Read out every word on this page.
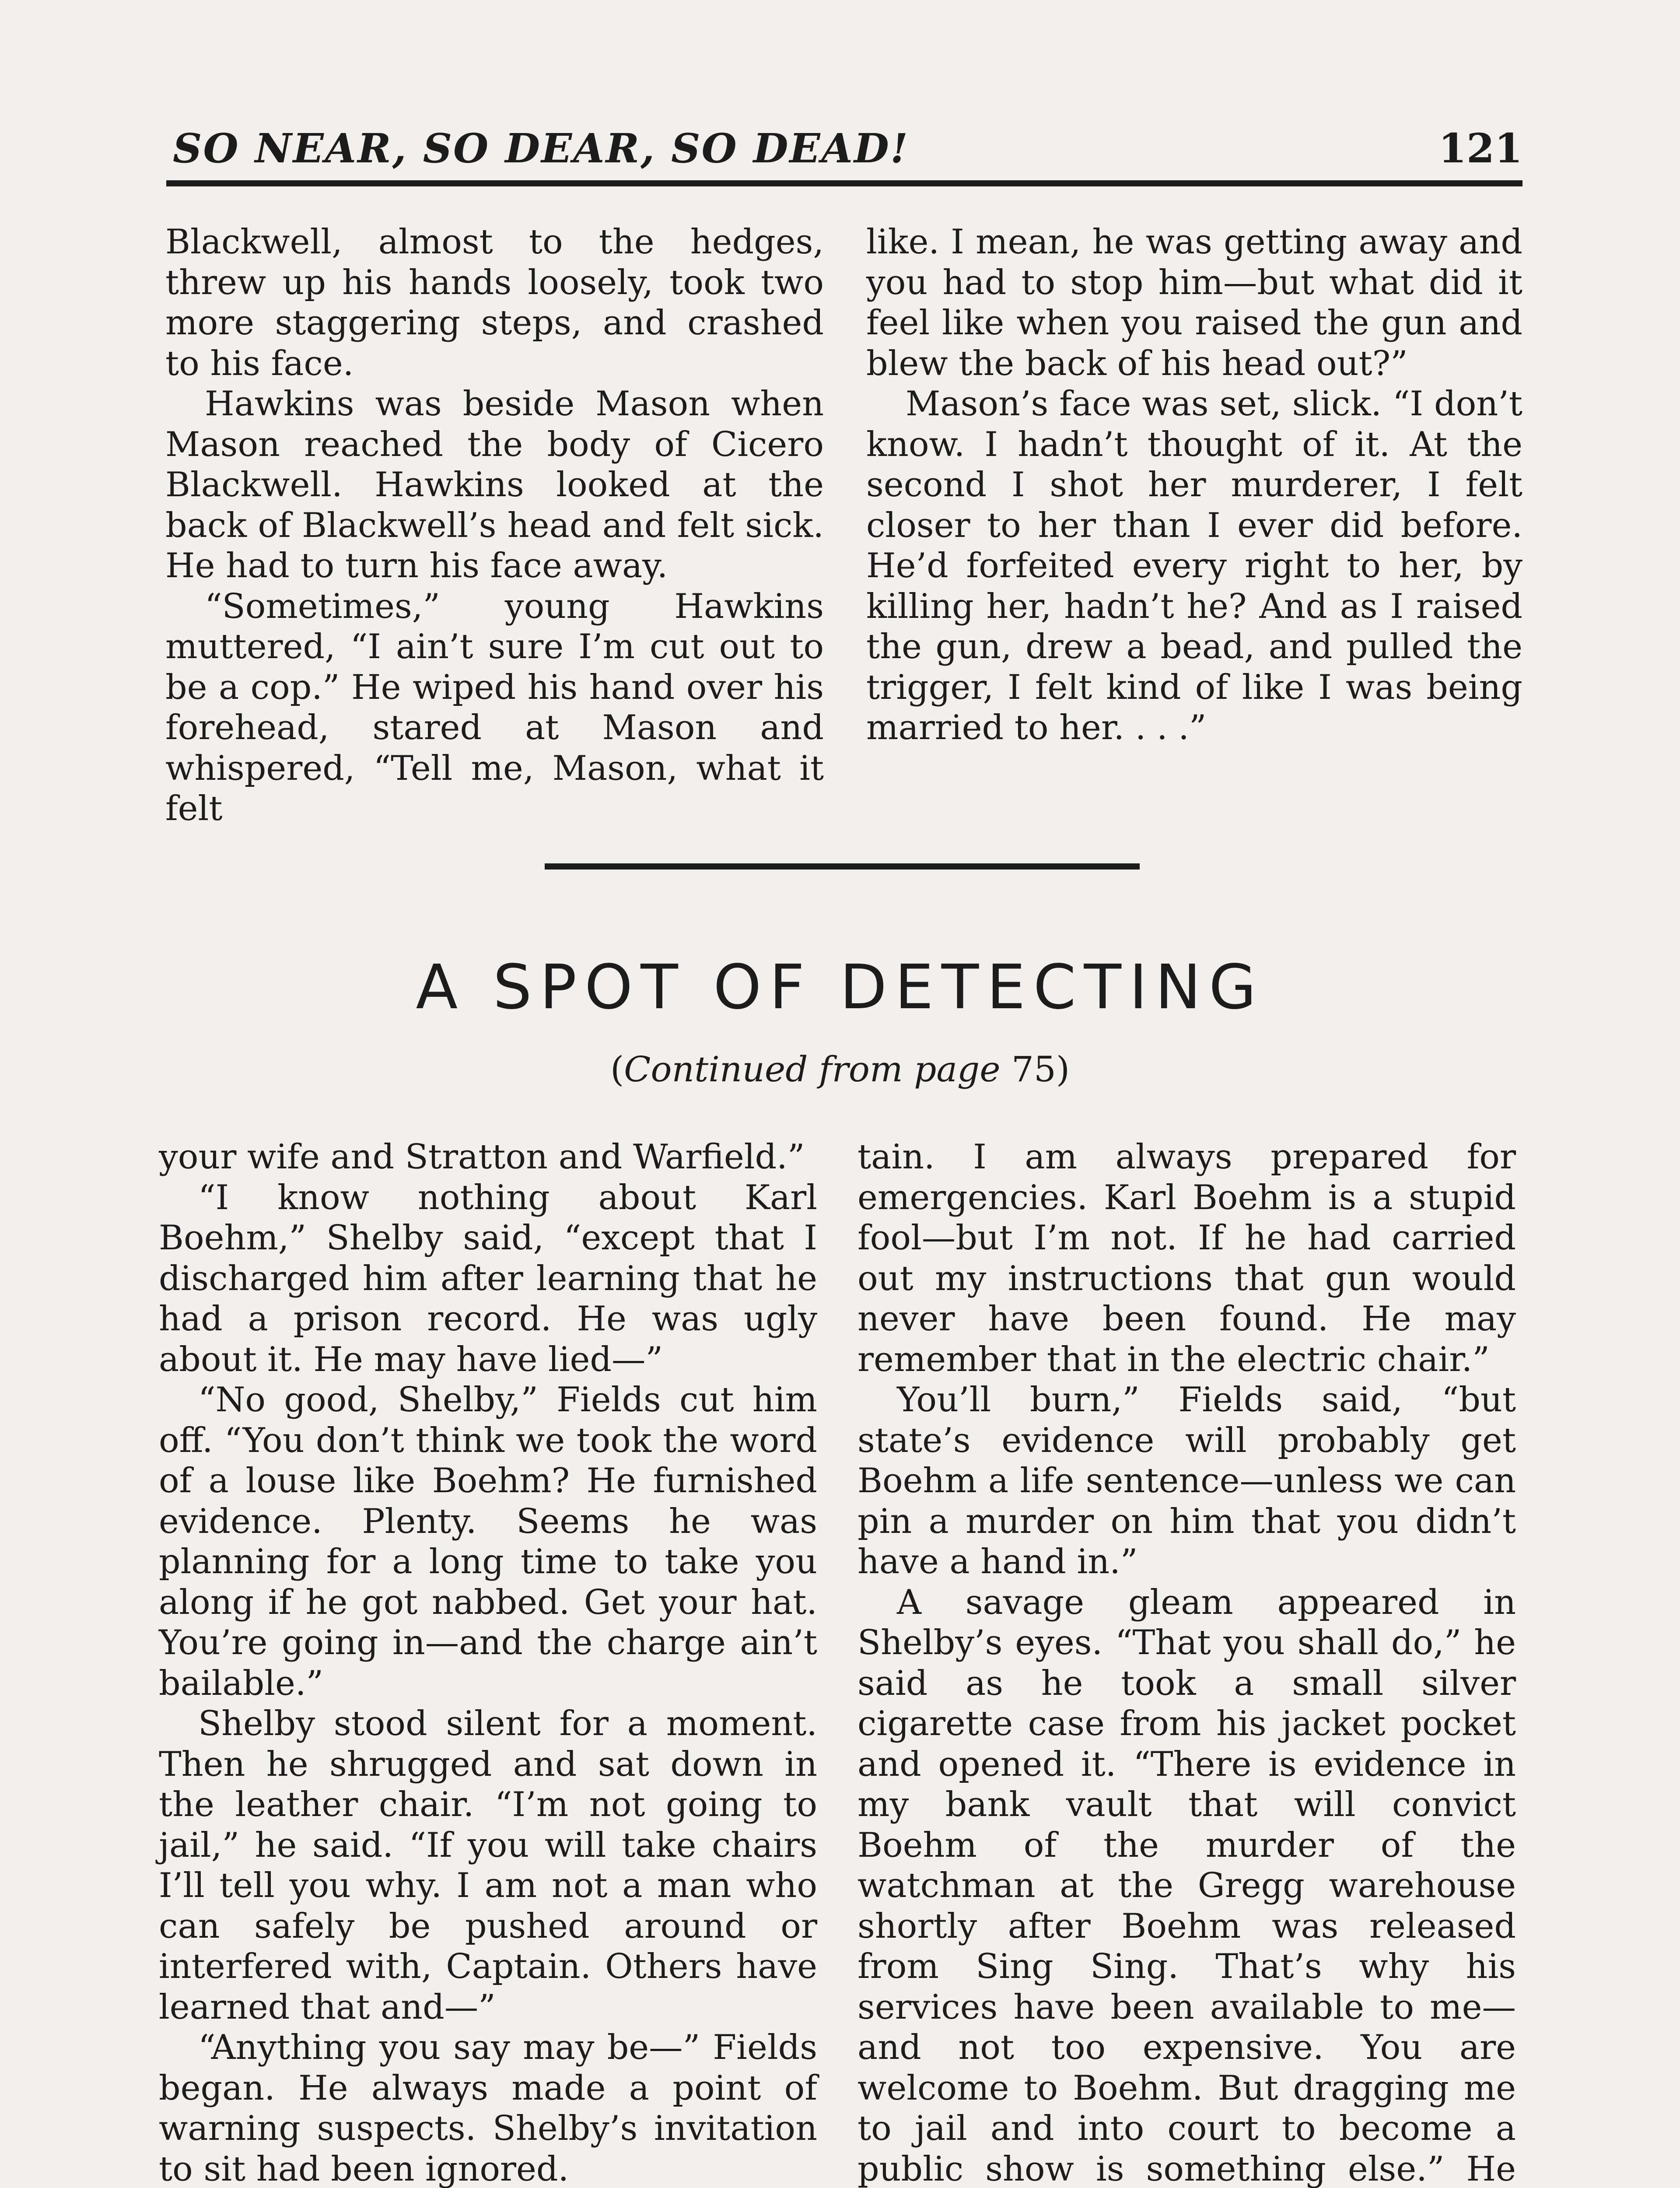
SO NEAR, SO DEAR, SO DEAD!	121

Blackwell, almost to the hedges, threw up his hands loosely, took two more staggering steps, and crashed to his face.

Hawkins was beside Mason when Mason reached the body of Cicero Blackwell. Hawkins looked at the back of Blackwell’s head and felt sick. He had to turn his face away.

“Sometimes,” young Hawkins muttered, “I ain’t sure I’m cut out to be a cop.” He wiped his hand over his forehead, stared at Mason and whispered, “Tell me, Mason, what it felt

like. I mean, he was getting away and you had to stop him—but what did it feel like when you raised the gun and blew the back of his head out?”

Mason’s face was set, slick. “I don’t know. I hadn’t thought of it. At the second I shot her murderer, I felt closer to her than I ever did before. He’d forfeited every right to her, by killing her, hadn’t he? And as I raised the gun, drew a bead, and pulled the trigger, I felt kind of like I was being married to her. . . .”

A SPOT OF DETECTING
(Continued from page 75)

your wife and Stratton and Warfield.”

“I know nothing about Karl Boehm,” Shelby said, “except that I discharged him after learning that he had a prison record. He was ugly about it. He may have lied—”

“No good, Shelby,” Fields cut him off. “You don’t think we took the word of a louse like Boehm? He furnished evidence. Plenty. Seems he was planning for a long time to take you along if he got nabbed. Get your hat. You’re going in—and the charge ain’t bailable.”

Shelby stood silent for a moment. Then he shrugged and sat down in the leather chair. “I’m not going to jail,” he said. “If you will take chairs I’ll tell you why. I am not a man who can safely be pushed around or interfered with, Captain. Others have learned that and—”

“Anything you say may be—” Fields began. He always made a point of warning suspects. Shelby’s invitation to sit had been ignored.

tain. I am always prepared for emergencies. Karl Boehm is a stupid fool—but I’m not. If he had carried out my instructions that gun would never have been found. He may remember that in the electric chair.”

You’ll burn,” Fields said, “but state’s evidence will probably get Boehm a life sentence—unless we can pin a murder on him that you didn’t have a hand in.”

A savage gleam appeared in Shelby’s eyes. “That you shall do,” he said as he took a small silver cigarette case from his jacket pocket and opened it. “There is evidence in my bank vault that will convict Boehm of the murder of the watchman at the Gregg warehouse shortly after Boehm was released from Sing Sing. That’s why his services have been available to me—and not too expensive. You are welcome to Boehm. But dragging me to jail and into court to become a public show is something else.” He
